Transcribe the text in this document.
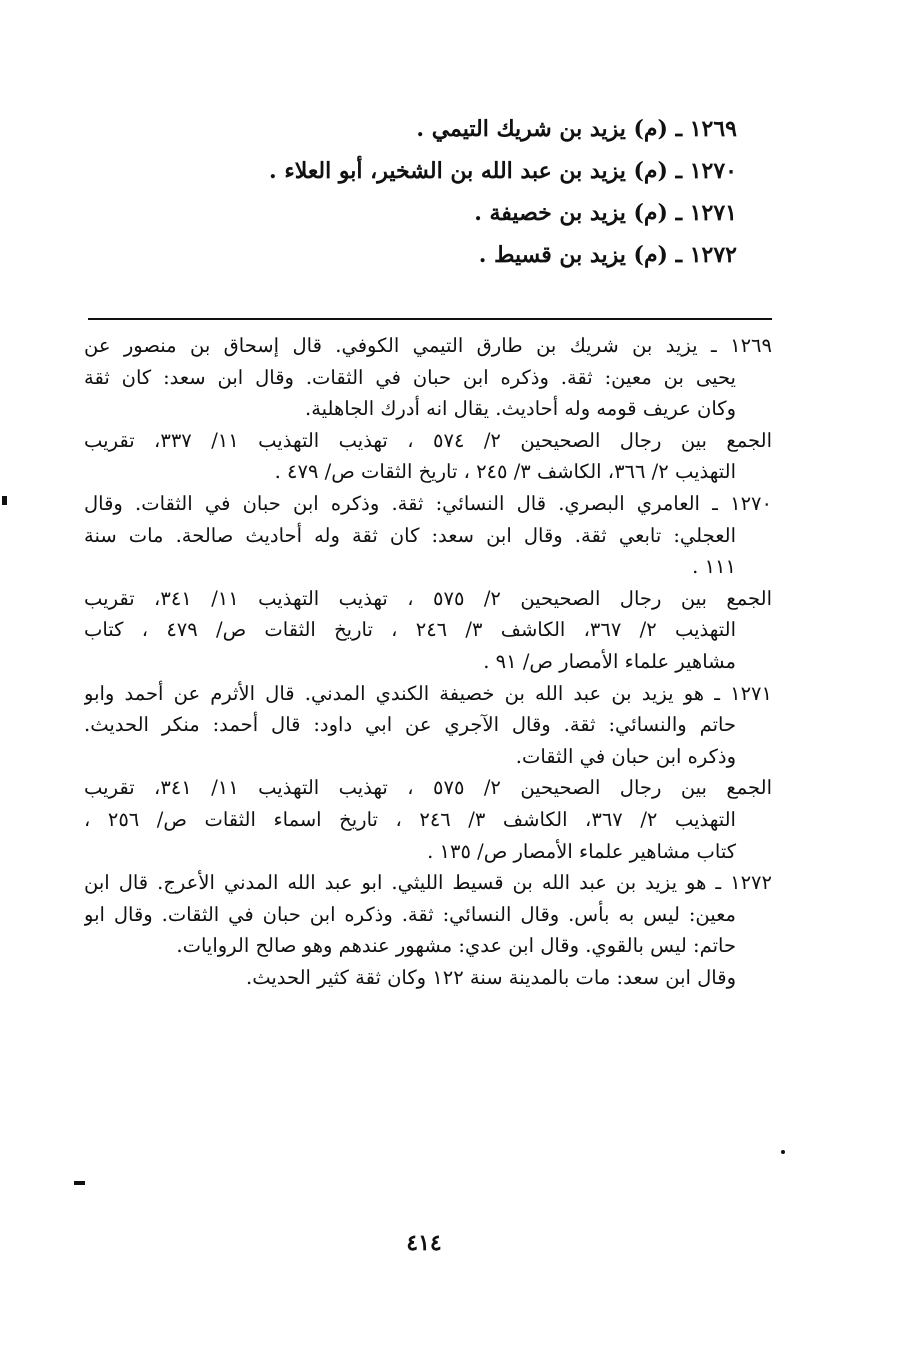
١٢٦٩ ـ (م) يزيد بن شريك التيمي .
١٢٧٠ ـ (م) يزيد بن عبد الله بن الشخير، أبو العلاء .
١٢٧١ ـ (م) يزيد بن خصيفة .
١٢٧٢ ـ (م) يزيد بن قسيط .
١٢٦٩ ـ يزيد بن شريك بن طارق التيمي الكوفي. قال إسحاق بن منصور عن
يحيى بن معين: ثقة. وذكره ابن حبان في الثقات. وقال ابن سعد: كان ثقة
وكان عريف قومه وله أحاديث. يقال انه أدرك الجاهلية.
الجمع بين رجال الصحيحين ٢/ ٥٧٤ ، تهذيب التهذيب ١١/ ٣٣٧، تقريب
التهذيب ٢/ ٣٦٦، الكاشف ٣/ ٢٤٥ ، تاريخ الثقات ص/ ٤٧٩ .
١٢٧٠ ـ العامري البصري. قال النسائي: ثقة. وذكره ابن حبان في الثقات. وقال
العجلي: تابعي ثقة. وقال ابن سعد: كان ثقة وله أحاديث صالحة. مات سنة
١١١ .
الجمع بين رجال الصحيحين ٢/ ٥٧٥ ، تهذيب التهذيب ١١/ ٣٤١، تقريب
التهذيب ٢/ ٣٦٧، الكاشف ٣/ ٢٤٦ ، تاريخ الثقات ص/ ٤٧٩ ، كتاب
مشاهير علماء الأمصار ص/ ٩١ .
١٢٧١ ـ هو يزيد بن عبد الله بن خصيفة الكندي المدني. قال الأثرم عن أحمد وابو
حاتم والنسائي: ثقة. وقال الآجري عن ابي داود: قال أحمد: منكر الحديث.
وذكره ابن حبان في الثقات.
الجمع بين رجال الصحيحين ٢/ ٥٧٥ ، تهذيب التهذيب ١١/ ٣٤١، تقريب
التهذيب ٢/ ٣٦٧، الكاشف ٣/ ٢٤٦ ، تاريخ اسماء الثقات ص/ ٢٥٦ ،
كتاب مشاهير علماء الأمصار ص/ ١٣٥ .
١٢٧٢ ـ هو يزيد بن عبد الله بن قسيط الليثي. ابو عبد الله المدني الأعرج. قال ابن
معين: ليس به بأس. وقال النسائي: ثقة. وذكره ابن حبان في الثقات. وقال ابو
حاتم: ليس بالقوي. وقال ابن عدي: مشهور عندهم وهو صالح الروايات.
وقال ابن سعد: مات بالمدينة سنة ١٢٢ وكان ثقة كثير الحديث.
٤١٤
